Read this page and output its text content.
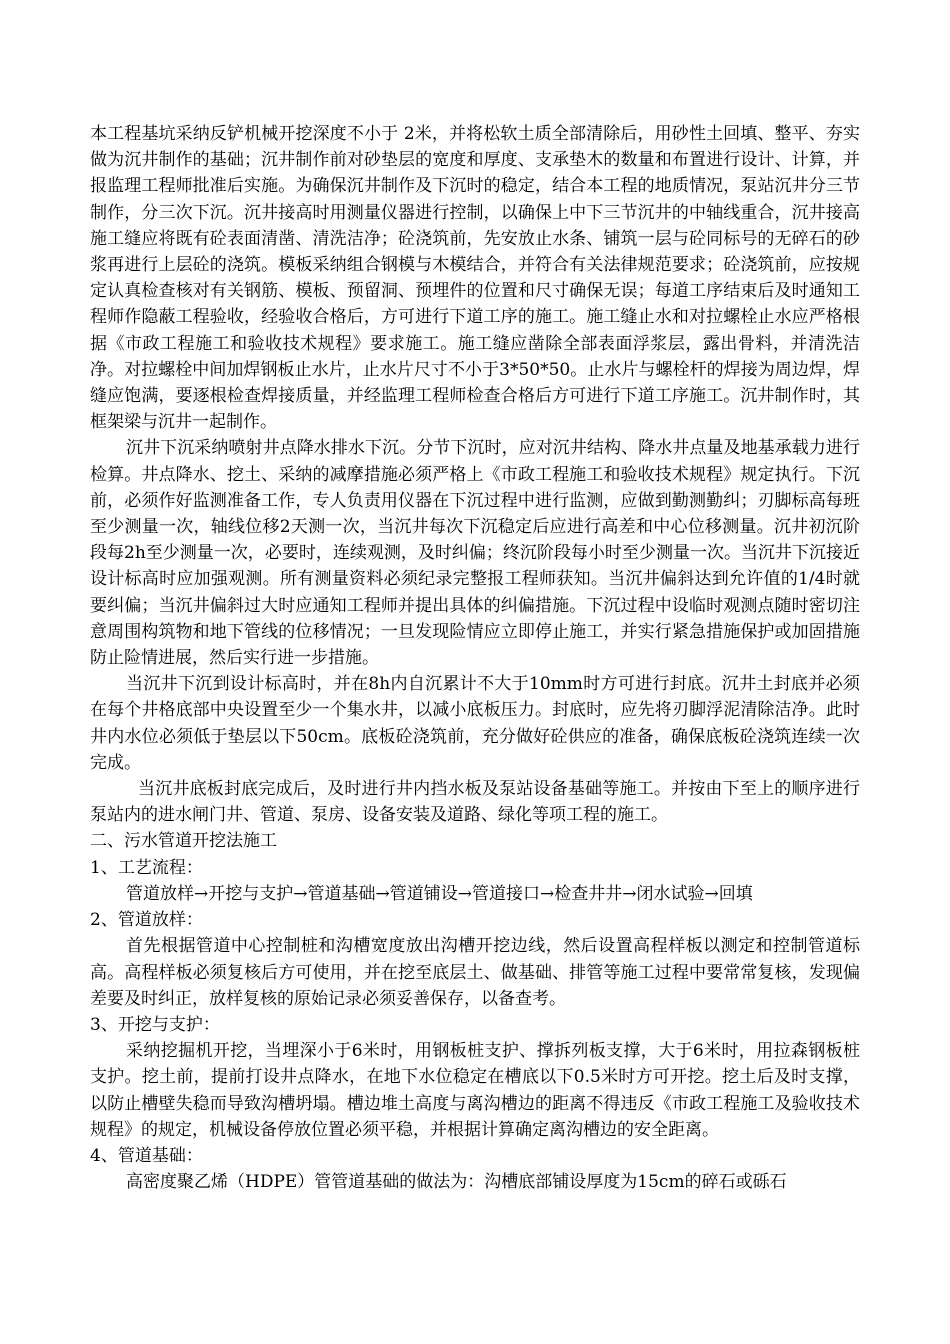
本工程基坑采纳反铲机械开挖深度不小于 2米，并将松软土质全部清除后，用砂性土回填、整平、夯实做为沉井制作的基础；沉井制作前对砂垫层的宽度和厚度、支承垫木的数量和布置进行设计、计算，并报监理工程师批准后实施。为确保沉井制作及下沉时的稳定，结合本工程的地质情况，泵站沉井分三节制作，分三次下沉。沉井接高时用测量仪器进行控制，以确保上中下三节沉井的中轴线重合，沉井接高施工缝应将既有砼表面清凿、清洗洁净；砼浇筑前，先安放止水条、铺筑一层与砼同标号的无碎石的砂浆再进行上层砼的浇筑。模板采纳组合钢模与木模结合，并符合有关法律规范要求；砼浇筑前，应按规定认真检查核对有关钢筋、模板、预留洞、预埋件的位置和尺寸确保无误；每道工序结束后及时通知工程师作隐蔽工程验收，经验收合格后，方可进行下道工序的施工。施工缝止水和对拉螺栓止水应严格根据《市政工程施工和验收技术规程》要求施工。施工缝应凿除全部表面浮浆层，露出骨料，并清洗洁净。对拉螺栓中间加焊钢板止水片，止水片尺寸不小于3*50*50。止水片与螺栓杆的焊接为周边焊，焊缝应饱满，要逐根检查焊接质量，并经监理工程师检查合格后方可进行下道工序施工。沉井制作时，其框架梁与沉井一起制作。

沉井下沉采纳喷射井点降水排水下沉。分节下沉时，应对沉井结构、降水井点量及地基承载力进行检算。井点降水、挖土、采纳的减摩措施必须严格上《市政工程施工和验收技术规程》规定执行。下沉前，必须作好监测准备工作，专人负责用仪器在下沉过程中进行监测，应做到勤测勤纠；刃脚标高每班至少测量一次，轴线位移2天测一次，当沉井每次下沉稳定后应进行高差和中心位移测量。沉井初沉阶段每2h至少测量一次，必要时，连续观测，及时纠偏；终沉阶段每小时至少测量一次。当沉井下沉接近设计标高时应加强观测。所有测量资料必须纪录完整报工程师获知。当沉井偏斜达到允许值的1/4时就要纠偏；当沉井偏斜过大时应通知工程师并提出具体的纠偏措施。下沉过程中设临时观测点随时密切注意周围构筑物和地下管线的位移情况；一旦发现险情应立即停止施工，并实行紧急措施保护或加固措施防止险情进展，然后实行进一步措施。

当沉井下沉到设计标高时，并在8h内自沉累计不大于10mm时方可进行封底。沉井土封底并必须在每个井格底部中央设置至少一个集水井，以减小底板压力。封底时，应先将刃脚浮泥清除洁净。此时井内水位必须低于垫层以下50cm。底板砼浇筑前，充分做好砼供应的准备，确保底板砼浇筑连续一次完成。

当沉井底板封底完成后，及时进行井内挡水板及泵站设备基础等施工。并按由下至上的顺序进行泵站内的进水闸门井、管道、泵房、设备安装及道路、绿化等项工程的施工。

二、污水管道开挖法施工

1、工艺流程：

管道放样→开挖与支护→管道基础→管道铺设→管道接口→检查井井→闭水试验→回填

2、管道放样：

首先根据管道中心控制桩和沟槽宽度放出沟槽开挖边线，然后设置高程样板以测定和控制管道标高。高程样板必须复核后方可使用，并在挖至底层土、做基础、排管等施工过程中要常常复核，发现偏差要及时纠正，放样复核的原始记录必须妥善保存，以备查考。

3、开挖与支护：

采纳挖掘机开挖，当埋深小于6米时，用钢板桩支护、撑拆列板支撑，大于6米时，用拉森钢板桩支护。挖土前，提前打设井点降水，在地下水位稳定在槽底以下0.5米时方可开挖。挖土后及时支撑，以防止槽壁失稳而导致沟槽坍塌。槽边堆土高度与离沟槽边的距离不得违反《市政工程施工及验收技术规程》的规定，机械设备停放位置必须平稳，并根据计算确定离沟槽边的安全距离。

4、管道基础：

高密度聚乙烯（HDPE）管管道基础的做法为：沟槽底部铺设厚度为15cm的碎石或砾石
